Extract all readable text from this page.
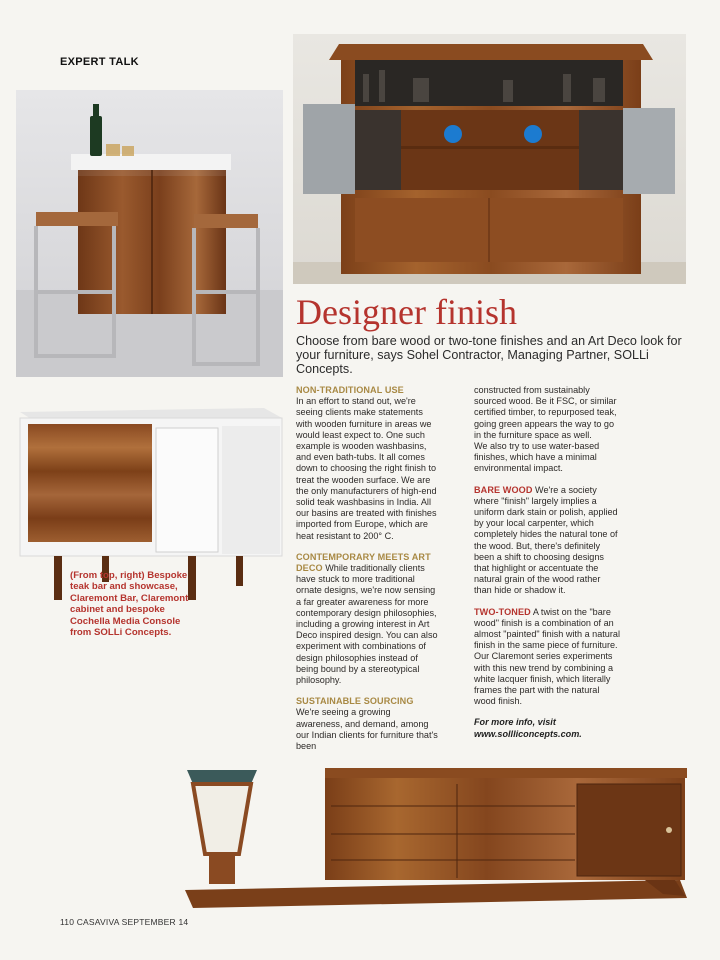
EXPERT TALK
Designer finish
Choose from bare wood or two-tone finishes and an Art Deco look for your furniture, says Sohel Contractor, Managing Partner, SOLLi Concepts.
(From top, right) Bespoke teak bar and showcase, Claremont Bar, Claremont cabinet and bespoke Cochella Media Console from SOLLi Concepts.

NON-TRADITIONAL USE
In an effort to stand out, we're seeing clients make statements with wooden furniture in areas we would least expect to. One such example is wooden washbasins, and even bath-tubs. It all comes down to choosing the right finish to treat the wooden surface. We are the only manufacturers of high-end solid teak washbasins in India. All our basins are treated with finishes imported from Europe, which are heat resistant to 200° C.

CONTEMPORARY MEETS ART DECO While traditionally clients have stuck to more traditional ornate designs, we're now sensing a far greater awareness for more contemporary design philosophies, including a growing interest in Art Deco inspired design. You can also experiment with combinations of design philosophies instead of being bound by a stereotypical philosophy.

SUSTAINABLE SOURCING
We're seeing a growing awareness, and demand, among our Indian clients for furniture that's been

constructed from sustainably sourced wood. Be it FSC, or similar certified timber, to repurposed teak, going green appears the way to go in the furniture space as well.

We also try to use water-based finishes, which have a minimal environmental impact.

BARE WOOD We're a society where "finish" largely implies a uniform dark stain or polish, applied by your local carpenter, which completely hides the natural tone of the wood. But, there's definitely been a shift to choosing designs that highlight or accentuate the natural grain of the wood rather than hide or shadow it.

TWO-TONED A twist on the "bare wood" finish is a combination of an almost "painted" finish with a natural finish in the same piece of furniture. Our Claremont series experiments with this new trend by combining a white lacquer finish, which literally frames the part with the natural wood finish.

For more info, visit www.sollliconcepts.com.

110 CASAVIVA SEPTEMBER 14
